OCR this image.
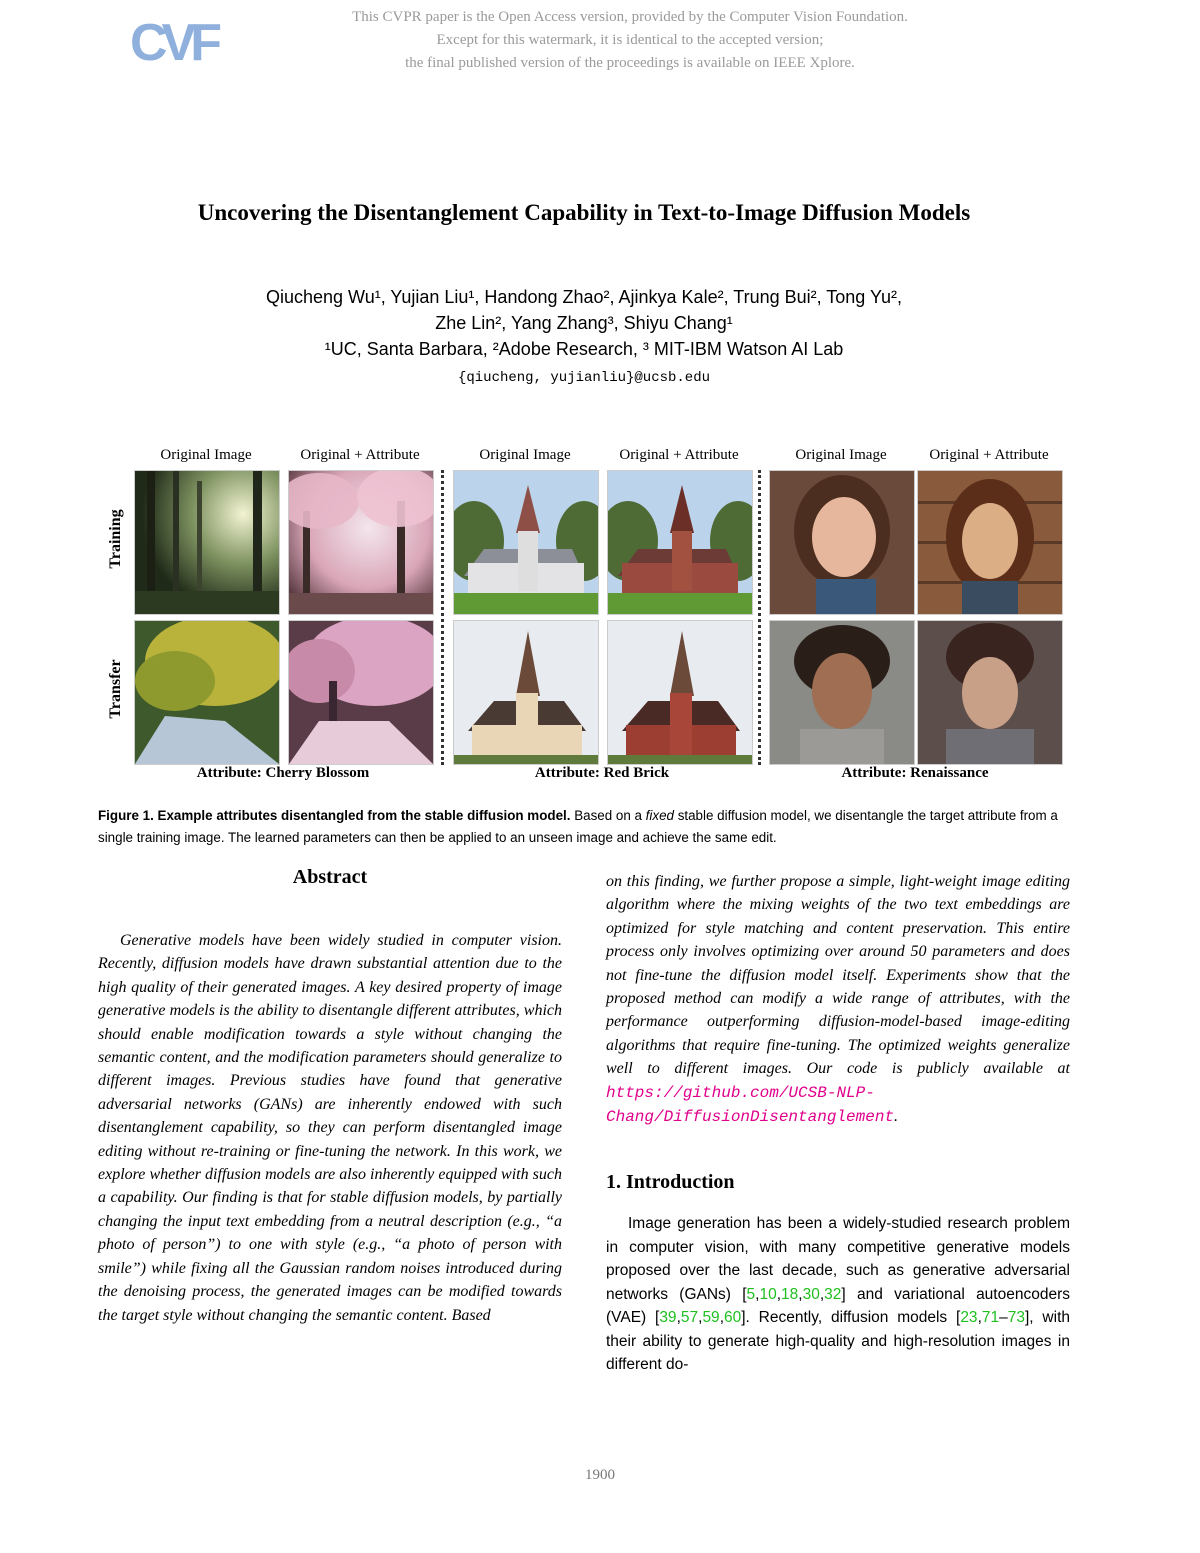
CVF	This CVPR paper is the Open Access version, provided by the Computer Vision Foundation.
Except for this watermark, it is identical to the accepted version;
the final published version of the proceedings is available on IEEE Xplore.
Uncovering the Disentanglement Capability in Text-to-Image Diffusion Models
Qiucheng Wu¹, Yujian Liu¹, Handong Zhao², Ajinkya Kale², Trung Bui², Tong Yu²,
Zhe Lin², Yang Zhang³, Shiyu Chang¹
¹UC, Santa Barbara, ²Adobe Research, ³ MIT-IBM Watson AI Lab
{qiucheng, yujianliu}@ucsb.edu
Original Image	Original + Attribute	Original Image	Original + Attribute	Original Image	Original + Attribute
Training
Transfer
Attribute: Cherry Blossom	Attribute: Red Brick	Attribute: Renaissance
Figure 1. Example attributes disentangled from the stable diffusion model. Based on a fixed stable diffusion model, we disentangle the target attribute from a single training image. The learned parameters can then be applied to an unseen image and achieve the same edit.
Abstract
Generative models have been widely studied in computer vision. Recently, diffusion models have drawn substantial attention due to the high quality of their generated images. A key desired property of image generative models is the ability to disentangle different attributes, which should enable modification towards a style without changing the semantic content, and the modification parameters should generalize to different images. Previous studies have found that generative adversarial networks (GANs) are inherently endowed with such disentanglement capability, so they can perform disentangled image editing without re-training or fine-tuning the network. In this work, we explore whether diffusion models are also inherently equipped with such a capability. Our finding is that for stable diffusion models, by partially changing the input text embedding from a neutral description (e.g., “a photo of person”) to one with style (e.g., “a photo of person with smile”) while fixing all the Gaussian random noises introduced during the denoising process, the generated images can be modified towards the target style without changing the semantic content. Based
on this finding, we further propose a simple, light-weight image editing algorithm where the mixing weights of the two text embeddings are optimized for style matching and content preservation. This entire process only involves optimizing over around 50 parameters and does not fine-tune the diffusion model itself. Experiments show that the proposed method can modify a wide range of attributes, with the performance outperforming diffusion-model-based image-editing algorithms that require fine-tuning. The optimized weights generalize well to different images. Our code is publicly available at https://github.com/UCSB-NLP-Chang/DiffusionDisentanglement.
1. Introduction
Image generation has been a widely-studied research problem in computer vision, with many competitive generative models proposed over the last decade, such as generative adversarial networks (GANs) [5,10,18,30,32] and variational autoencoders (VAE) [39,57,59,60]. Recently, diffusion models [23,71–73], with their ability to generate high-quality and high-resolution images in different do-
1900
